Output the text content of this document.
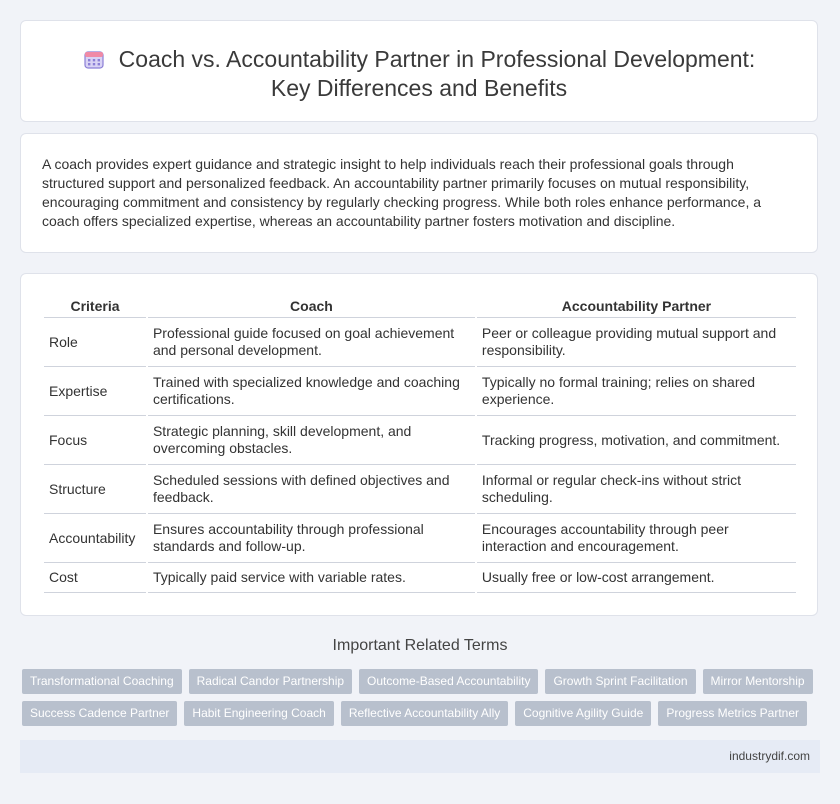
Coach vs. Accountability Partner in Professional Development:
Key Differences and Benefits
A coach provides expert guidance and strategic insight to help individuals reach their professional goals through structured support and personalized feedback. An accountability partner primarily focuses on mutual responsibility, encouraging commitment and consistency by regularly checking progress. While both roles enhance performance, a coach offers specialized expertise, whereas an accountability partner fosters motivation and discipline.
Criteria	Coach	Accountability Partner
Role	Professional guide focused on goal achievement and personal development.	Peer or colleague providing mutual support and responsibility.
Expertise	Trained with specialized knowledge and coaching certifications.	Typically no formal training; relies on shared experience.
Focus	Strategic planning, skill development, and overcoming obstacles.	Tracking progress, motivation, and commitment.
Structure	Scheduled sessions with defined objectives and feedback.	Informal or regular check-ins without strict scheduling.
Accountability	Ensures accountability through professional standards and follow-up.	Encourages accountability through peer interaction and encouragement.
Cost	Typically paid service with variable rates.	Usually free or low-cost arrangement.
Important Related Terms
Transformational Coaching	Radical Candor Partnership	Outcome-Based Accountability	Growth Sprint Facilitation	Mirror Mentorship
Success Cadence Partner	Habit Engineering Coach	Reflective Accountability Ally	Cognitive Agility Guide	Progress Metrics Partner
industrydif.com
